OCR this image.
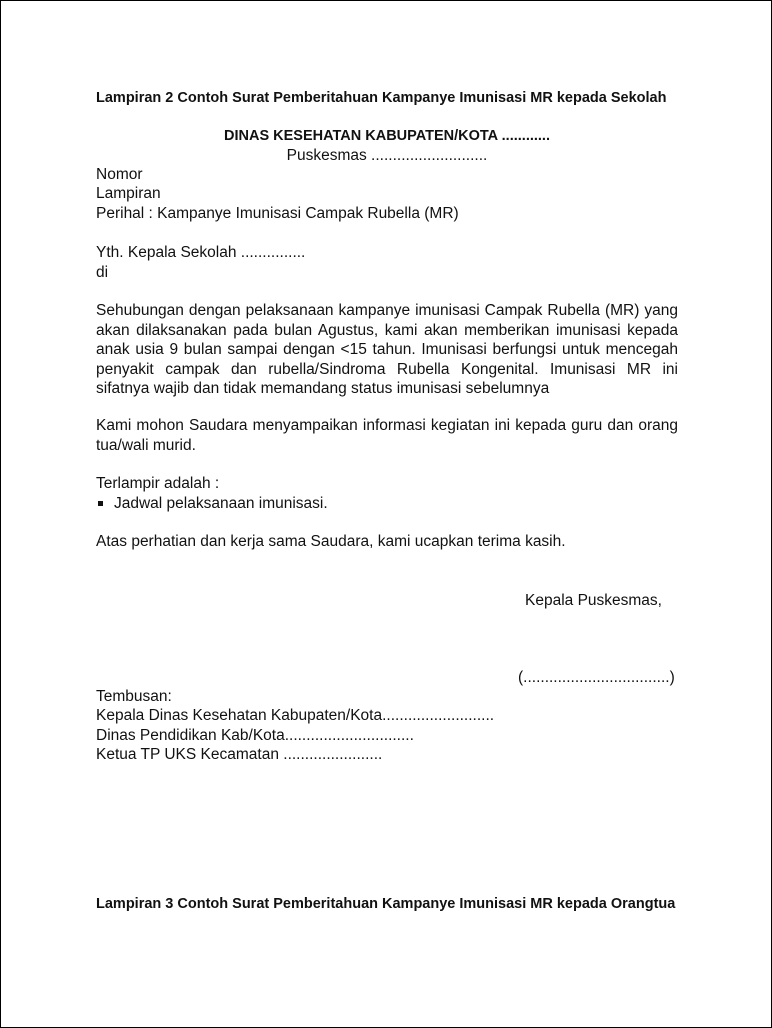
Lampiran 2 Contoh Surat Pemberitahuan Kampanye Imunisasi MR kepada Sekolah

DINAS KESEHATAN KABUPATEN/KOTA ............

Puskesmas ...........................

Nomor

Lampiran

Perihal : Kampanye Imunisasi Campak Rubella (MR)

Yth. Kepala Sekolah ...............

di

Sehubungan dengan pelaksanaan kampanye imunisasi Campak Rubella (MR) yang akan dilaksanakan pada bulan Agustus, kami akan memberikan imunisasi kepada anak usia 9 bulan sampai dengan <15 tahun. Imunisasi berfungsi untuk mencegah penyakit campak dan rubella/Sindroma Rubella Kongenital. Imunisasi MR ini sifatnya wajib dan tidak memandang status imunisasi sebelumnya

Kami mohon Saudara menyampaikan informasi kegiatan ini kepada guru dan orang tua/wali murid.

Terlampir adalah :

Jadwal pelaksanaan imunisasi.

Atas perhatian dan kerja sama Saudara, kami ucapkan terima kasih.

Kepala Puskesmas,

(..................................)

Tembusan:

Kepala Dinas Kesehatan Kabupaten/Kota..........................

Dinas Pendidikan Kab/Kota..............................

Ketua TP UKS Kecamatan .......................

Lampiran 3 Contoh Surat Pemberitahuan Kampanye Imunisasi MR kepada Orangtua
